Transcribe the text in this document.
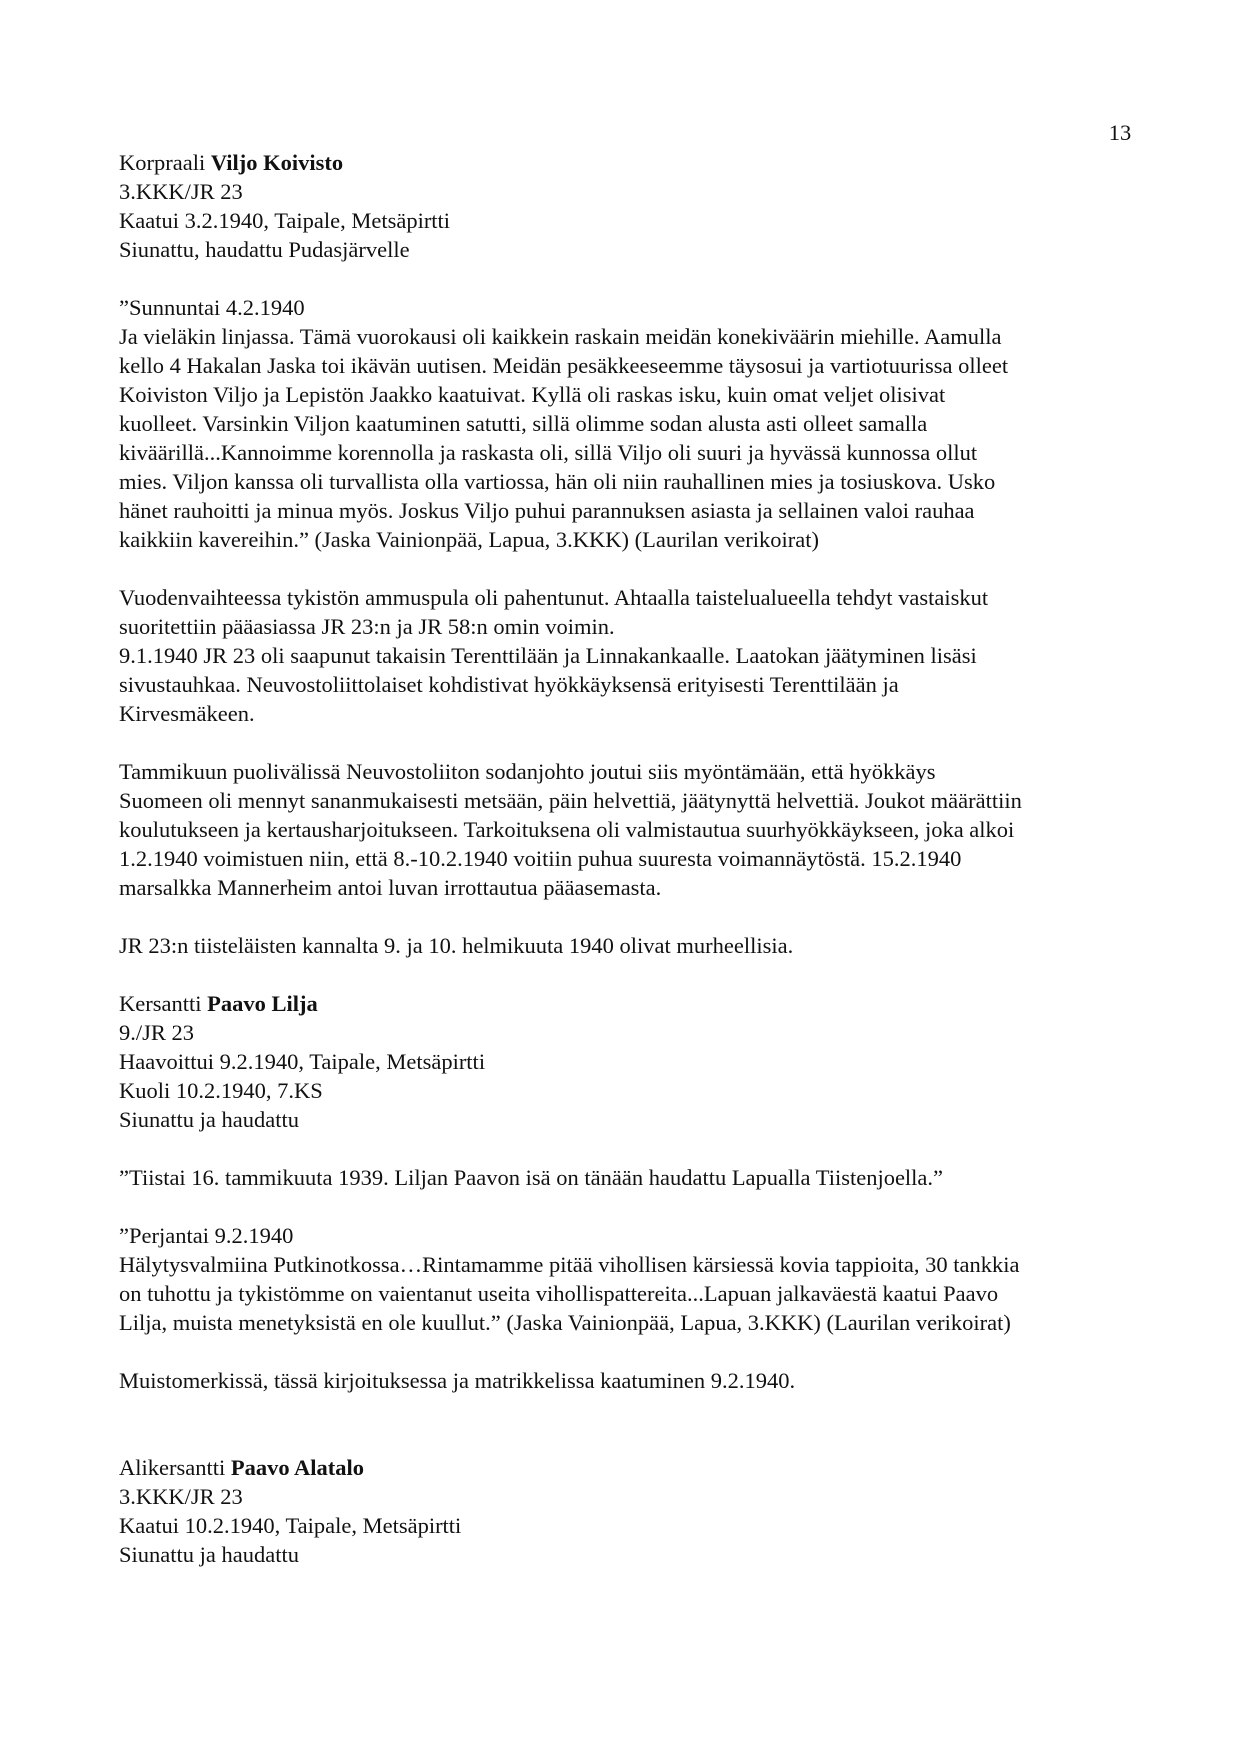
13
Korpraali Viljo Koivisto
3.KKK/JR 23
Kaatui 3.2.1940, Taipale, Metsäpirtti
Siunattu, haudattu Pudasjärvelle
”Sunnuntai 4.2.1940
Ja vieläkin linjassa. Tämä vuorokausi oli kaikkein raskain meidän konekiväärin miehille. Aamulla
kello 4 Hakalan Jaska toi ikävän uutisen. Meidän pesäkkeeseemme täysosui ja vartiotuurissa olleet
Koiviston Viljo ja Lepistön Jaakko kaatuivat. Kyllä oli raskas isku, kuin omat veljet olisivat
kuolleet. Varsinkin Viljon kaatuminen satutti, sillä olimme sodan alusta asti olleet samalla
kiväärillä...Kannoimme korennolla ja raskasta oli, sillä Viljo oli suuri ja hyvässä kunnossa ollut
mies. Viljon kanssa oli turvallista olla vartiossa, hän oli niin rauhallinen mies ja tosiuskova. Usko
hänet rauhoitti ja minua myös. Joskus Viljo puhui parannuksen asiasta ja sellainen valoi rauhaa
kaikkiin kavereihin.” (Jaska Vainionpää, Lapua, 3.KKK) (Laurilan verikoirat)
Vuodenvaihteessa tykistön ammuspula oli pahentunut. Ahtaalla taistelualueella tehdyt vastaiskut
suoritettiin pääasiassa JR 23:n ja JR 58:n omin voimin.
9.1.1940 JR 23 oli saapunut takaisin Terenttilään ja Linnakankaalle. Laatokan jäätyminen lisäsi
sivustauhkaa. Neuvostoliittolaiset kohdistivat hyökkäyksensä erityisesti Terenttilään ja
Kirvesmäkeen.
Tammikuun puolivälissä Neuvostoliiton sodanjohto joutui siis myöntämään, että hyökkäys
Suomeen oli mennyt sananmukaisesti metsään, päin helvettiä, jäätynyttä helvettiä. Joukot määrättiin
koulutukseen ja kertausharjoitukseen. Tarkoituksena oli valmistautua suurhyökkäykseen, joka alkoi
1.2.1940 voimistuen niin, että 8.-10.2.1940 voitiin puhua suuresta voimannäytöstä. 15.2.1940
marsalkka Mannerheim antoi luvan irrottautua pääasemasta.
JR 23:n tiisteläisten kannalta 9. ja 10. helmikuuta 1940 olivat murheellisia.
Kersantti Paavo Lilja
9./JR 23
Haavoittui 9.2.1940, Taipale, Metsäpirtti
Kuoli 10.2.1940, 7.KS
Siunattu ja haudattu
”Tiistai 16. tammikuuta 1939. Liljan Paavon isä on tänään haudattu Lapualla Tiistenjoella.”
”Perjantai 9.2.1940
Hälytysvalmiina Putkinotkossa…Rintamamme pitää vihollisen kärsiessä kovia tappioita, 30 tankkia
on tuhottu ja tykistömme on vaientanut useita vihollispattereita...Lapuan jalkaväestä kaatui Paavo
Lilja, muista menetyksistä en ole kuullut.” (Jaska Vainionpää, Lapua, 3.KKK) (Laurilan verikoirat)
Muistomerkissä, tässä kirjoituksessa ja matrikkelissa kaatuminen 9.2.1940.
Alikersantti Paavo Alatalo
3.KKK/JR 23
Kaatui 10.2.1940, Taipale, Metsäpirtti
Siunattu ja haudattu
